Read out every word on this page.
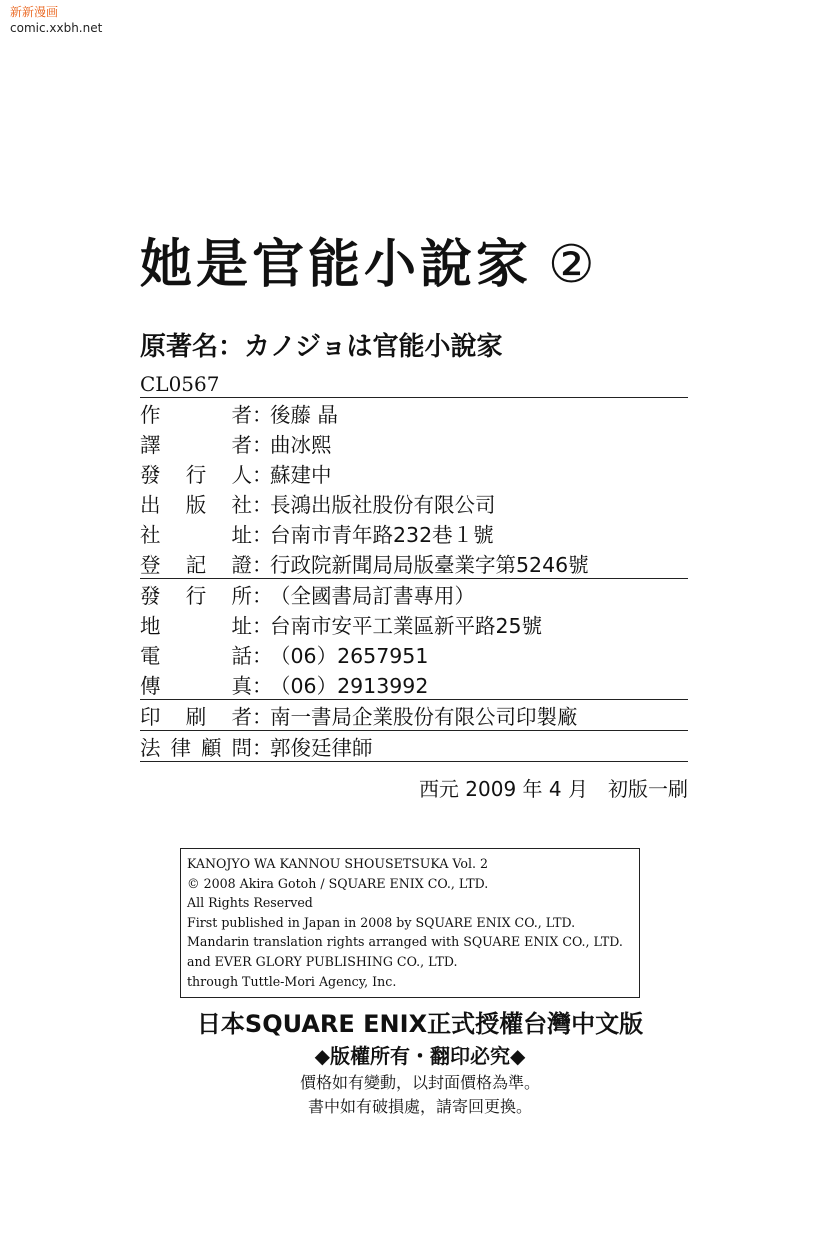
新新漫画
comic.xxbh.net
她是官能小說家 ②
原著名：カノジョは官能小說家
CL0567
作	者 ：
後藤 晶
譯	者 ：
曲冰熙
發 行 人 ：
蘇建中
出 版 社 ：
長鴻出版社股份有限公司
社	址 ：
台南市青年路232巷１號
登 記 證 ：
行政院新聞局局版臺業字第5246號
發 行 所 ：
（全國書局訂書專用）
地	址 ：
台南市安平工業區新平路25號
電	話 ：
（06）2657951
傳	真 ：
（06）2913992
印 刷 者 ：
南一書局企業股份有限公司印製廠
法 律 顧 問 ：
郭俊廷律師
西元 2009 年 4 月　初版一刷
KANOJYO WA KANNOU SHOUSETSUKA Vol. 2
© 2008 Akira Gotoh / SQUARE ENIX CO., LTD.
All Rights Reserved
First published in Japan in 2008 by SQUARE ENIX CO., LTD.
Mandarin translation rights arranged with SQUARE ENIX CO., LTD.
and EVER GLORY PUBLISHING CO., LTD.
through Tuttle-Mori Agency, Inc.
日本SQUARE ENIX正式授權台灣中文版
◆版權所有・翻印必究◆
價格如有變動，以封面價格為準。
書中如有破損處，請寄回更換。
